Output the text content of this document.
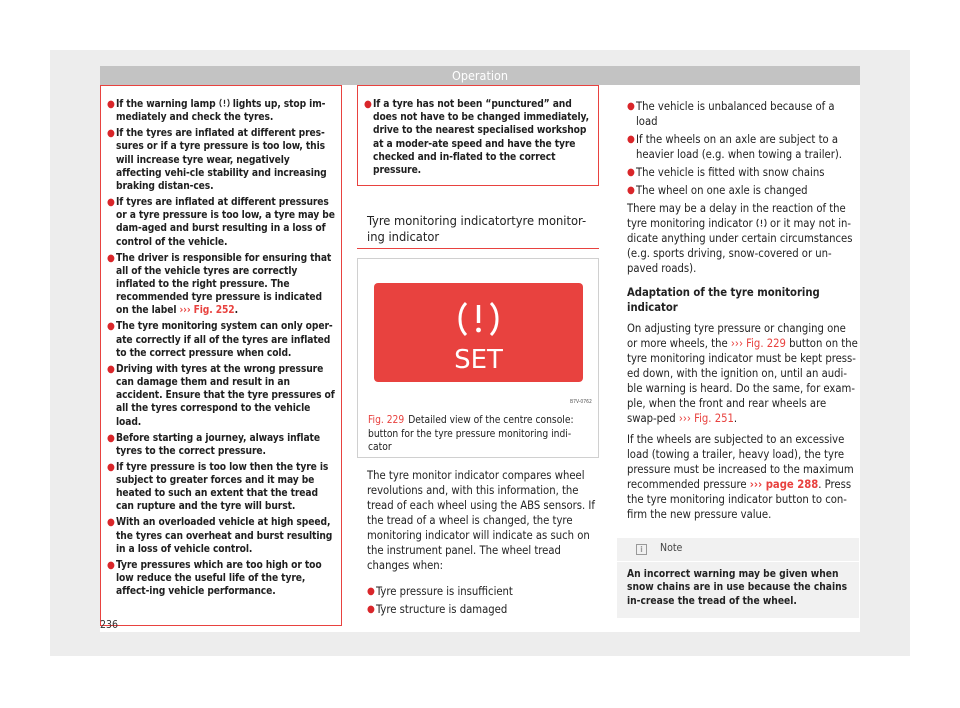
Operation
● If the warning lamp lights up, stop im-mediately and check the tyres.
● If the tyres are inflated at different pres-sures or if a tyre pressure is too low, this will increase tyre wear, negatively affecting vehi-cle stability and increasing braking distan-ces.
● If tyres are inflated at different pressures or a tyre pressure is too low, a tyre may be dam-aged and burst resulting in a loss of control of the vehicle.
● The driver is responsible for ensuring that all of the vehicle tyres are correctly inflated to the right pressure. The recommended tyre pressure is indicated on the label ››› Fig. 252.
● The tyre monitoring system can only oper-ate correctly if all of the tyres are inflated to the correct pressure when cold.
● Driving with tyres at the wrong pressure can damage them and result in an accident. Ensure that the tyre pressures of all the tyres correspond to the vehicle load.
● Before starting a journey, always inflate tyres to the correct pressure.
● If tyre pressure is too low then the tyre is subject to greater forces and it may be heated to such an extent that the tread can rupture and the tyre will burst.
● With an overloaded vehicle at high speed, the tyres can overheat and burst resulting in a loss of vehicle control.
● Tyre pressures which are too high or too low reduce the useful life of the tyre, affect-ing vehicle performance.
● If a tyre has not been “punctured” and does not have to be changed immediately, drive to the nearest specialised workshop at a moder-ate speed and have the tyre checked and in-flated to the correct pressure.
Tyre monitoring indicatortyre monitor-ing indicator
SET
B7V-0762
Fig. 229 Detailed view of the centre console: button for the tyre pressure monitoring indi-cator

The tyre monitor indicator compares wheel revolutions and, with this information, the tread of each wheel using the ABS sensors. If the tread of a wheel is changed, the tyre monitoring indicator will indicate as such on the instrument panel. The wheel tread changes when:

● Tyre pressure is insufficient
● Tyre structure is damaged
● The vehicle is unbalanced because of a load
● If the wheels on an axle are subject to a heavier load (e.g. when towing a trailer).
● The vehicle is fitted with snow chains
● The wheel on one axle is changed

There may be a delay in the reaction of the tyre monitoring indicator or it may not in-dicate anything under certain circumstances (e.g. sports driving, snow-covered or un-paved roads).

Adaptation of the tyre monitoring indicator

On adjusting tyre pressure or changing one or more wheels, the ››› Fig. 229 button on the tyre monitoring indicator must be kept press-ed down, with the ignition on, until an audi-ble warning is heard. Do the same, for exam-ple, when the front and rear wheels are swap-ped ››› Fig. 251.

If the wheels are subjected to an excessive load (towing a trailer, heavy load), the tyre pressure must be increased to the maximum recommended pressure ››› page 288. Press the tyre monitoring indicator button to con-firm the new pressure value.

i	Note
An incorrect warning may be given when snow chains are in use because the chains in-crease the tread of the wheel.
236
